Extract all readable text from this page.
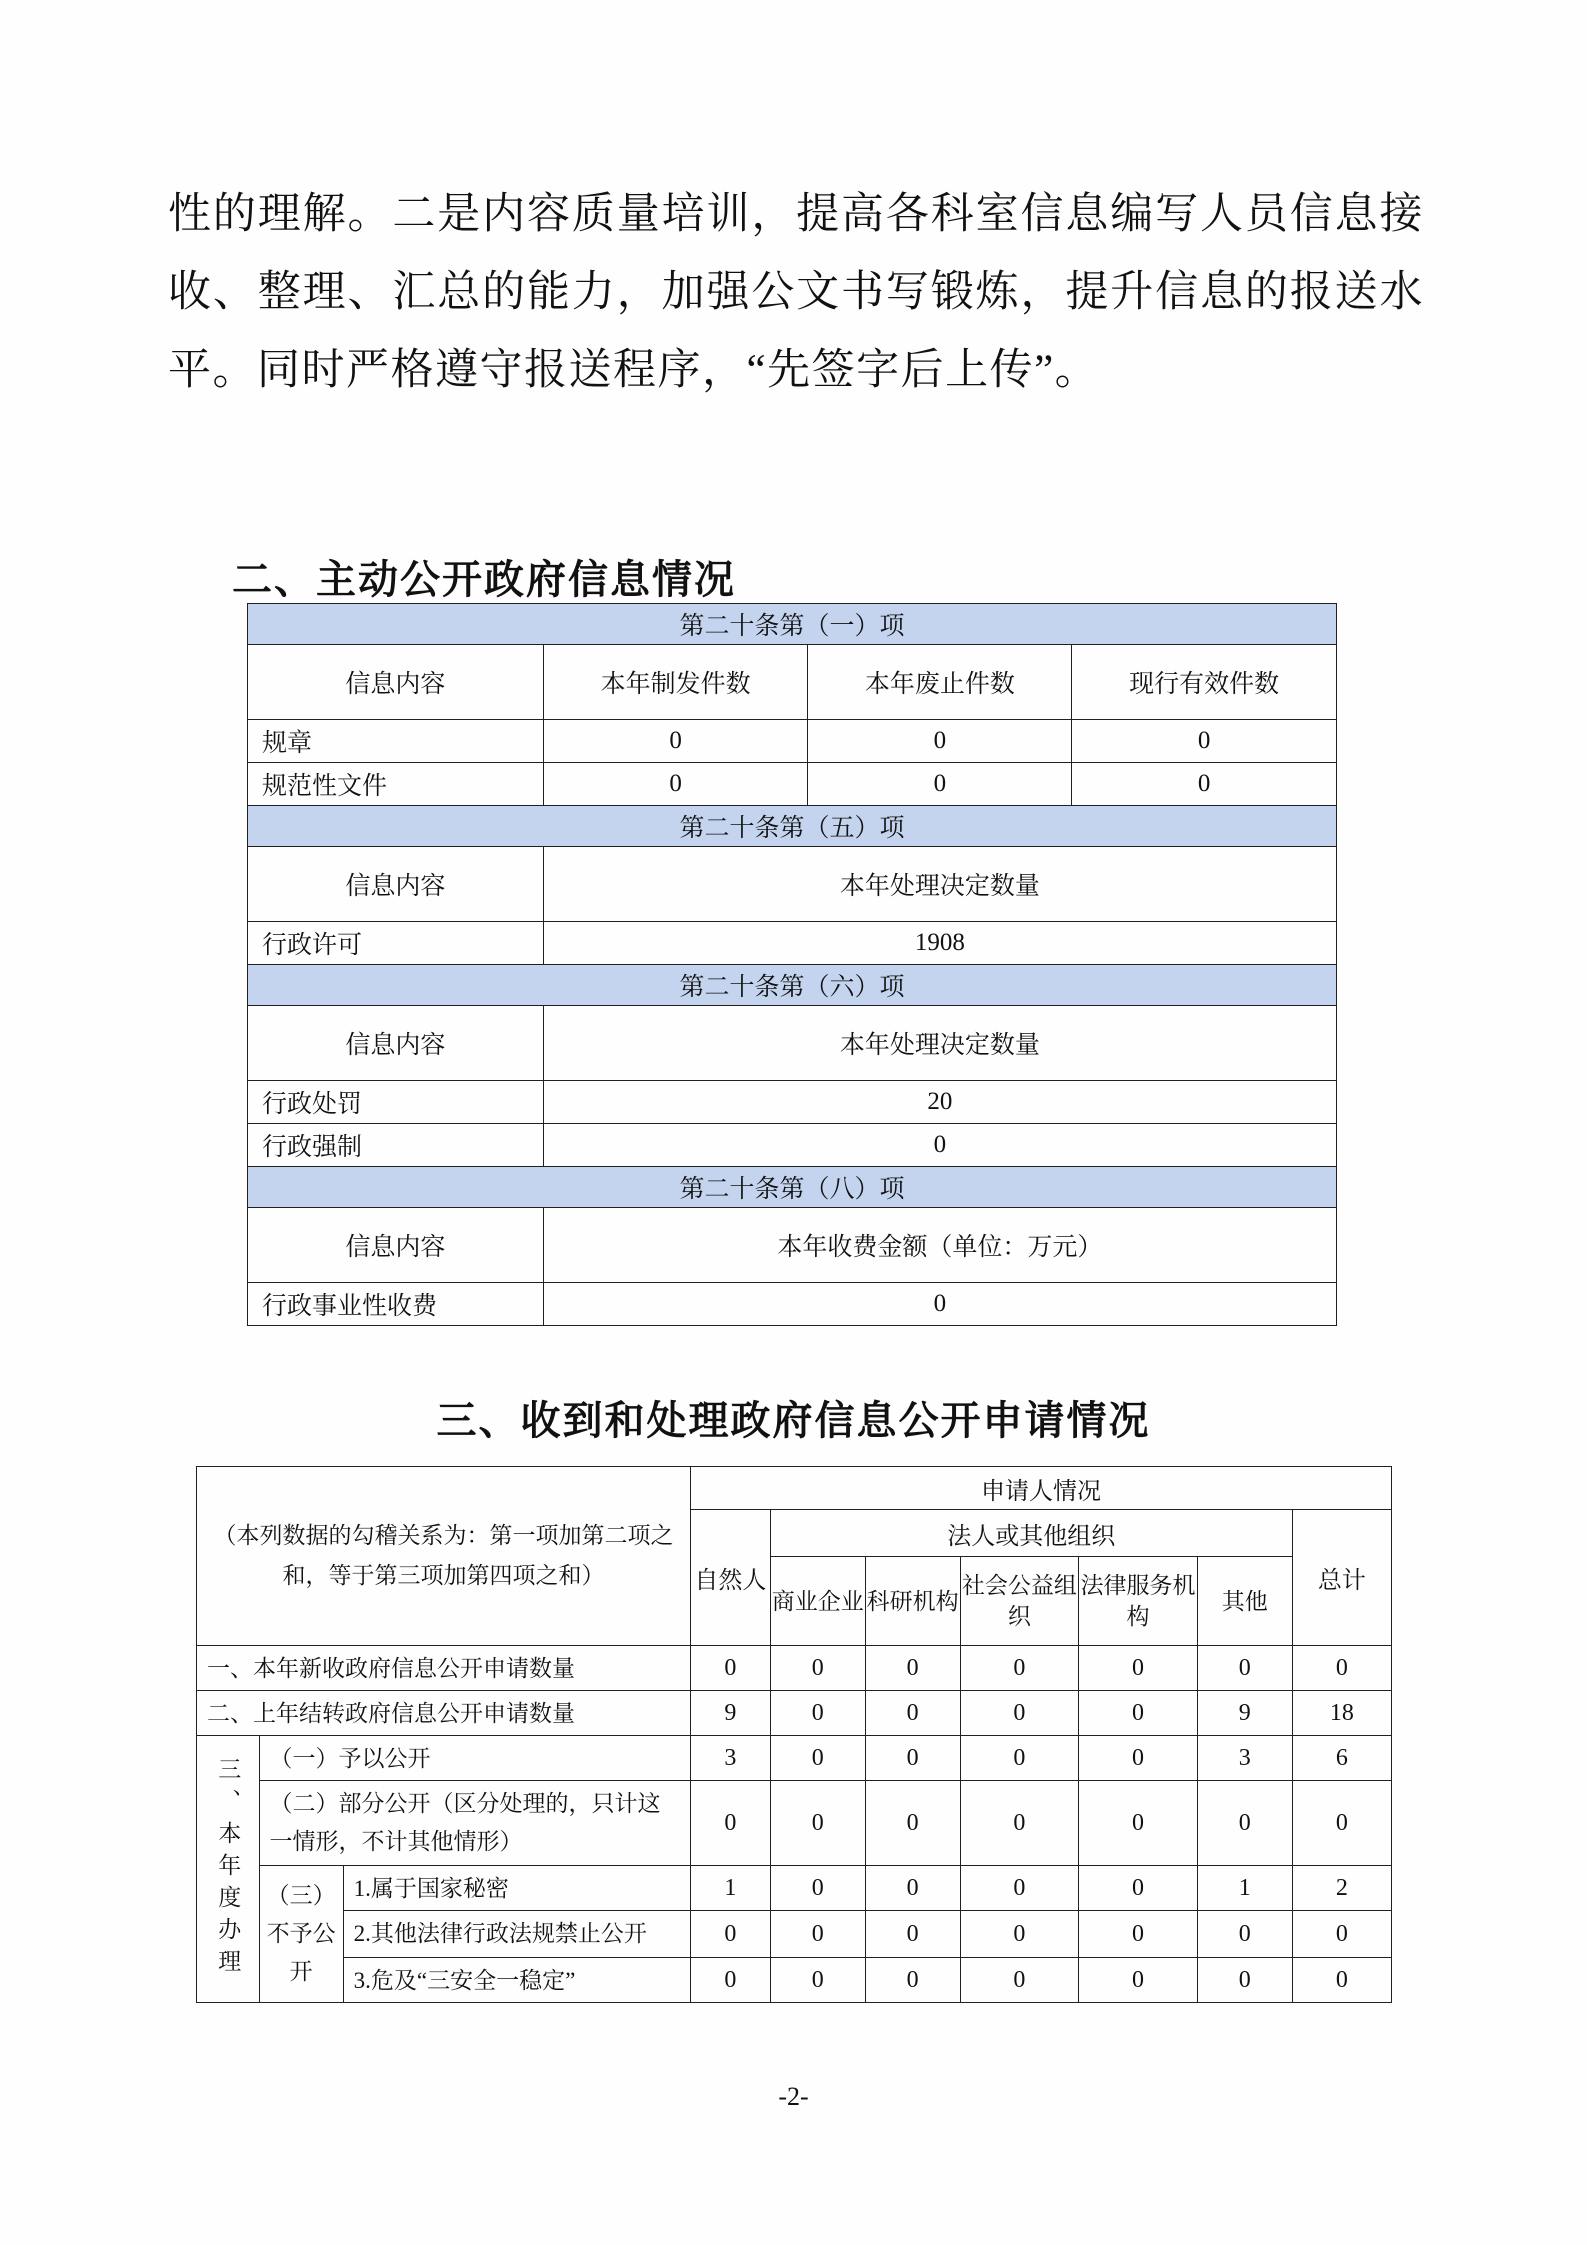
性的理解。二是内容质量培训，提高各科室信息编写人员信息接收、整理、汇总的能力，加强公文书写锻炼，提升信息的报送水平。同时严格遵守报送程序，“先签字后上传”。
二、主动公开政府信息情况
第二十条第（一）项			
信息内容	本年制发件数	本年废止件数	现行有效件数
规章	0	0	0
规范性文件	0	0	0
第二十条第（五）项			
信息内容	本年处理决定数量		
行政许可	1908		
第二十条第（六）项			
信息内容	本年处理决定数量		
行政处罚	20		
行政强制	0		
第二十条第（八）项			
信息内容	本年收费金额（单位：万元）		
行政事业性收费	0		
三、收到和处理政府信息公开申请情况
（本列数据的勾稽关系为：第一项加第二项之和，等于第三项加第四项之和）			申请人情况						
			自然人	法人或其他组织					总计
				商业企业	科研机构	社会公益组织	法律服务机构	其他	
一、本年新收政府信息公开申请数量			0	0	0	0	0	0	0
二、上年结转政府信息公开申请数量			9	0	0	0	0	9	18
三、本年度办理	（一）予以公开		3	0	0	0	0	3	6
	（二）部分公开（区分处理的，只计这一情形，不计其他情形）		0	0	0	0	0	0	0
	（三）不予公开	1.属于国家秘密	1	0	0	0	0	1	2
		2.其他法律行政法规禁止公开	0	0	0	0	0	0	0
		3.危及“三安全一稳定”	0	0	0	0	0	0	0
-2-
